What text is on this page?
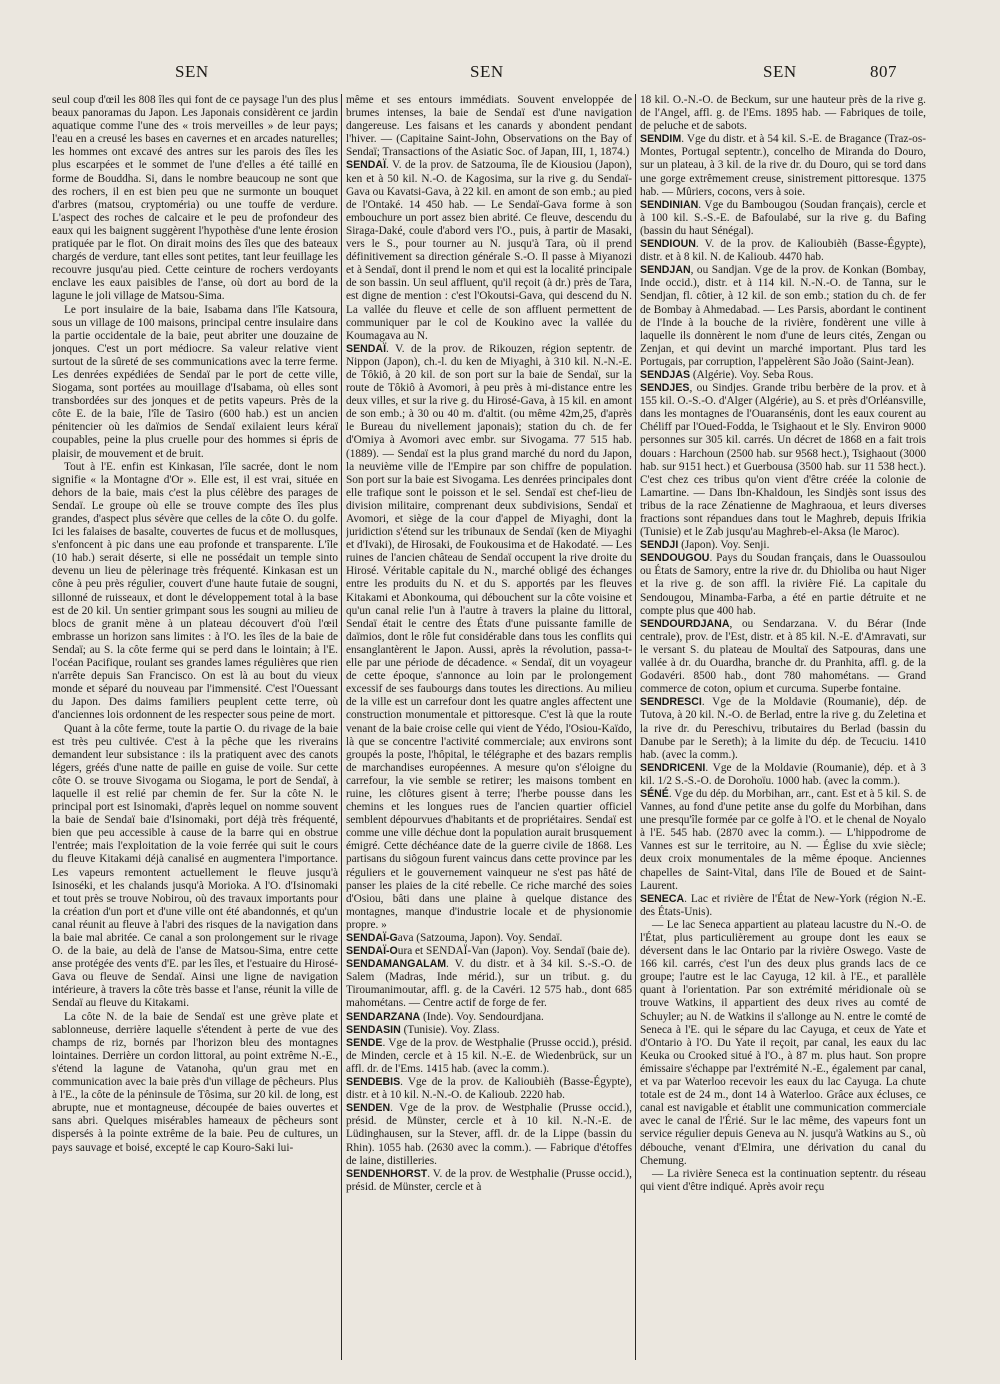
SEN	SEN	SEN	807

seul coup d'œil les 808 îles qui font de ce paysage l'un des plus beaux panoramas du Japon. Les Japonais considèrent ce jardin aquatique comme l'une des « trois merveilles » de leur pays; l'eau en a creusé les bases en cavernes et en arcades naturelles; les hommes ont excavé des antres sur les parois des îles les plus escarpées et le sommet de l'une d'elles a été taillé en forme de Bouddha. Si, dans le nombre beaucoup ne sont que des rochers, il en est bien peu que ne surmonte un bouquet d'arbres (matsou, cryptoméria) ou une touffe de verdure. L'aspect des roches de calcaire et le peu de profondeur des eaux qui les baignent suggèrent l'hypothèse d'une lente érosion pratiquée par le flot. On dirait moins des îles que des bateaux chargés de verdure, tant elles sont petites, tant leur feuillage les recouvre jusqu'au pied. Cette ceinture de rochers verdoyants enclave les eaux paisibles de l'anse, où dort au bord de la lagune le joli village de Matsou-Sima.

Le port insulaire de la baie, Isabama dans l'île Katsoura, sous un village de 100 maisons, principal centre insulaire dans la partie occidentale de la baie, peut abriter une douzaine de jonques. C'est un port médiocre. Sa valeur relative vient surtout de la sûreté de ses communications avec la terre ferme. Les denrées expédiées de Sendaï par le port de cette ville, Siogama, sont portées au mouillage d'Isabama, où elles sont transbordées sur des jonques et de petits vapeurs. Près de la côte E. de la baie, l'île de Tasiro (600 hab.) est un ancien pénitencier où les daïmios de Sendaï exilaient leurs kéraï coupables, peine la plus cruelle pour des hommes si épris de plaisir, de mouvement et de bruit.

Tout à l'E. enfin est Kinkasan, l'île sacrée, dont le nom signifie « la Montagne d'Or ». Elle est, il est vrai, située en dehors de la baie, mais c'est la plus célèbre des parages de Sendaï. Le groupe où elle se trouve compte des îles plus grandes, d'aspect plus sévère que celles de la côte O. du golfe. Ici les falaises de basalte, couvertes de fucus et de mollusques, s'enfoncent à pic dans une eau profonde et transparente. L'île (10 hab.) serait déserte, si elle ne possédait un temple sinto devenu un lieu de pèlerinage très fréquenté. Kinkasan est un cône à peu près régulier, couvert d'une haute futaie de sougni, sillonné de ruisseaux, et dont le développement total à la base est de 20 kil. Un sentier grimpant sous les sougni au milieu de blocs de granit mène à un plateau découvert d'où l'œil embrasse un horizon sans limites : à l'O. les îles de la baie de Sendaï; au S. la côte ferme qui se perd dans le lointain; à l'E. l'océan Pacifique, roulant ses grandes lames régulières que rien n'arrête depuis San Francisco. On est là au bout du vieux monde et séparé du nouveau par l'immensité. C'est l'Ouessant du Japon. Des daims familiers peuplent cette terre, où d'anciennes lois ordonnent de les respecter sous peine de mort.

Quant à la côte ferme, toute la partie O. du rivage de la baie est très peu cultivée. C'est à la pêche que les riverains demandent leur subsistance : ils la pratiquent avec des canots légers, gréés d'une natte de paille en guise de voile. Sur cette côte O. se trouve Sivogama ou Siogama, le port de Sendaï, à laquelle il est relié par chemin de fer. Sur la côte N. le principal port est Isinomaki, d'après lequel on nomme souvent la baie de Sendaï baie d'Isinomaki, port déjà très fréquenté, bien que peu accessible à cause de la barre qui en obstrue l'entrée; mais l'exploitation de la voie ferrée qui suit le cours du fleuve Kitakami déjà canalisé en augmentera l'importance. Les vapeurs remontent actuellement le fleuve jusqu'à Isinoséki, et les chalands jusqu'à Morioka. A l'O. d'Isinomaki et tout près se trouve Nobirou, où des travaux importants pour la création d'un port et d'une ville ont été abandonnés, et qu'un canal réunit au fleuve à l'abri des risques de la navigation dans la baie mal abritée. Ce canal a son prolongement sur le rivage O. de la baie, au delà de l'anse de Matsou-Sima, entre cette anse protégée des vents d'E. par les îles, et l'estuaire du Hirosé-Gava ou fleuve de Sendaï. Ainsi une ligne de navigation intérieure, à travers la côte très basse et l'anse, réunit la ville de Sendaï au fleuve du Kitakami.

La côte N. de la baie de Sendaï est une grève plate et sablonneuse, derrière laquelle s'étendent à perte de vue des champs de riz, bornés par l'horizon bleu des montagnes lointaines. Derrière un cordon littoral, au point extrême N.-E., s'étend la lagune de Vatanoha, qu'un grau met en communication avec la baie près d'un village de pêcheurs. Plus à l'E., la côte de la péninsule de Tôsima, sur 20 kil. de long, est abrupte, nue et montagneuse, découpée de baies ouvertes et sans abri. Quelques misérables hameaux de pêcheurs sont dispersés à la pointe extrême de la baie. Peu de cultures, un pays sauvage et boisé, excepté le cap Kouro-Saki lui-

même et ses entours immédiats. Souvent enveloppée de brumes intenses, la baie de Sendaï est d'une navigation dangereuse. Les faisans et les canards y abondent pendant l'hiver. — (Capitaine Saint-John, Observations on the Bay of Sendaï; Transactions of the Asiatic Soc. of Japan, III, 1, 1874.)

SENDAÏ. V. de la prov. de Satzouma, île de Kiousiou (Japon), ken et à 50 kil. N.-O. de Kagosima, sur la rive g. du Sendaï-Gava ou Kavatsi-Gava, à 22 kil. en amont de son emb.; au pied de l'Ontaké. 14 450 hab. — Le Sendaï-Gava forme à son embouchure un port assez bien abrité. Ce fleuve, descendu du Siraga-Daké, coule d'abord vers l'O., puis, à partir de Masaki, vers le S., pour tourner au N. jusqu'à Tara, où il prend définitivement sa direction générale S.-O. Il passe à Miyanozi et à Sendaï, dont il prend le nom et qui est la localité principale de son bassin. Un seul affluent, qu'il reçoit (à dr.) près de Tara, est digne de mention : c'est l'Okoutsi-Gava, qui descend du N. La vallée du fleuve et celle de son affluent permettent de communiquer par le col de Koukino avec la vallée du Koumagava au N.

SENDAÏ. V. de la prov. de Rikouzen, région septentr. de Nippon (Japon), ch.-l. du ken de Miyaghi, à 310 kil. N.-N.-E. de Tôkiô, à 20 kil. de son port sur la baie de Sendaï, sur la route de Tôkiô à Avomori, à peu près à mi-distance entre les deux villes, et sur la rive g. du Hirosé-Gava, à 15 kil. en amont de son emb.; à 30 ou 40 m. d'altit. (ou même 42m,25, d'après le Bureau du nivellement japonais); station du ch. de fer d'Omiya à Avomori avec embr. sur Sivogama. 77 515 hab. (1889). — Sendaï est la plus grand marché du nord du Japon, la neuvième ville de l'Empire par son chiffre de population. Son port sur la baie est Sivogama. Les denrées principales dont elle trafique sont le poisson et le sel. Sendaï est chef-lieu de division militaire, comprenant deux subdivisions, Sendaï et Avomori, et siège de la cour d'appel de Miyaghi, dont la juridiction s'étend sur les tribunaux de Sendaï (ken de Miyaghi et d'Ivaki), de Hirosaki, de Foukousima et de Hakodaté. — Les ruines de l'ancien château de Sendaï occupent la rive droite du Hirosé. Véritable capitale du N., marché obligé des échanges entre les produits du N. et du S. apportés par les fleuves Kitakami et Abonkouma, qui débouchent sur la côte voisine et qu'un canal relie l'un à l'autre à travers la plaine du littoral, Sendaï était le centre des États d'une puissante famille de daïmios, dont le rôle fut considérable dans tous les conflits qui ensanglantèrent le Japon. Aussi, après la révolution, passa-t-elle par une période de décadence. « Sendaï, dit un voyageur de cette époque, s'annonce au loin par le prolongement excessif de ses faubourgs dans toutes les directions. Au milieu de la ville est un carrefour dont les quatre angles affectent une construction monumentale et pittoresque. C'est là que la route venant de la baie croise celle qui vient de Yédo, l'Osiou-Kaïdo, là que se concentre l'activité commerciale; aux environs sont groupés la poste, l'hôpital, le télégraphe et des bazars remplis de marchandises européennes. A mesure qu'on s'éloigne du carrefour, la vie semble se retirer; les maisons tombent en ruine, les clôtures gisent à terre; l'herbe pousse dans les chemins et les longues rues de l'ancien quartier officiel semblent dépourvues d'habitants et de propriétaires. Sendaï est comme une ville déchue dont la population aurait brusquement émigré. Cette déchéance date de la guerre civile de 1868. Les partisans du siôgoun furent vaincus dans cette province par les réguliers et le gouvernement vainqueur ne s'est pas hâté de panser les plaies de la cité rebelle. Ce riche marché des soies d'Osiou, bâti dans une plaine à quelque distance des montagnes, manque d'industrie locale et de physionomie propre. »

SENDAÏ-Gava (Satzouma, Japon). Voy. Sendaï.

SENDAÏ-Oura et SENDAÏ-Van (Japon). Voy. Sendaï (baie de).

SENDAMANGALAM. V. du distr. et à 34 kil. S.-S.-O. de Salem (Madras, Inde mérid.), sur un tribut. g. du Tiroumanimoutar, affl. g. de la Cavéri. 12 575 hab., dont 685 mahométans. — Centre actif de forge de fer.

SENDARZANA (Inde). Voy. Sendourdjana.

SENDASIN (Tunisie). Voy. Zlass.

SENDE. Vge de la prov. de Westphalie (Prusse occid.), présid. de Minden, cercle et à 15 kil. N.-E. de Wiedenbrück, sur un affl. dr. de l'Ems. 1415 hab. (avec la comm.).

SENDEBIS. Vge de la prov. de Kalioubièh (Basse-Égypte), distr. et à 10 kil. N.-N.-O. de Kalioub. 2220 hab.

SENDEN. Vge de la prov. de Westphalie (Prusse occid.), présid. de Münster, cercle et à 10 kil. N.-N.-E. de Lüdinghausen, sur la Stever, affl. dr. de la Lippe (bassin du Rhin). 1055 hab. (2630 avec la comm.). — Fabrique d'étoffes de laine, distilleries.

SENDENHORST. V. de la prov. de Westphalie (Prusse occid.), présid. de Münster, cercle et à

18 kil. O.-N.-O. de Beckum, sur une hauteur près de la rive g. de l'Angel, affl. g. de l'Ems. 1895 hab. — Fabriques de toile, de peluche et de sabots.

SENDIM. Vge du distr. et à 54 kil. S.-E. de Bragance (Traz-os-Montes, Portugal septentr.), concelho de Miranda do Douro, sur un plateau, à 3 kil. de la rive dr. du Douro, qui se tord dans une gorge extrêmement creuse, sinistrement pittoresque. 1375 hab. — Mûriers, cocons, vers à soie.

SENDINIAN. Vge du Bambougou (Soudan français), cercle et à 100 kil. S.-S.-E. de Bafoulabé, sur la rive g. du Bafing (bassin du haut Sénégal).

SENDIOUN. V. de la prov. de Kalioubièh (Basse-Égypte), distr. et à 8 kil. N. de Kalioub. 4470 hab.

SENDJAN, ou Sandjan. Vge de la prov. de Konkan (Bombay, Inde occid.), distr. et à 114 kil. N.-N.-O. de Tanna, sur le Sendjan, fl. côtier, à 12 kil. de son emb.; station du ch. de fer de Bombay à Ahmedabad. — Les Parsis, abordant le continent de l'Inde à la bouche de la rivière, fondèrent une ville à laquelle ils donnèrent le nom d'une de leurs cités, Zengan ou Zenjan, et qui devint un marché important. Plus tard les Portugais, par corruption, l'appelèrent São João (Saint-Jean).

SENDJAS (Algérie). Voy. Seba Rous.

SENDJES, ou Sindjes. Grande tribu berbère de la prov. et à 155 kil. O.-S.-O. d'Alger (Algérie), au S. et près d'Orléansville, dans les montagnes de l'Ouaransénis, dont les eaux courent au Chéliff par l'Oued-Fodda, le Tsighaout et le Sly. Environ 9000 personnes sur 305 kil. carrés. Un décret de 1868 en a fait trois douars : Harchoun (2500 hab. sur 9568 hect.), Tsighaout (3000 hab. sur 9151 hect.) et Guerbousa (3500 hab. sur 11 538 hect.). C'est chez ces tribus qu'on vient d'être créée la colonie de Lamartine. — Dans Ibn-Khaldoun, les Sindjès sont issus des tribus de la race Zénatienne de Maghraoua, et leurs diverses fractions sont répandues dans tout le Maghreb, depuis Ifrikia (Tunisie) et le Zab jusqu'au Maghreb-el-Aksa (le Maroc).

SENDJI (Japon). Voy. Senji.

SENDOUGOU. Pays du Soudan français, dans le Ouassoulou ou États de Samory, entre la rive dr. du Dhioliba ou haut Niger et la rive g. de son affl. la rivière Fié. La capitale du Sendougou, Minamba-Farba, a été en partie détruite et ne compte plus que 400 hab.

SENDOURDJANA, ou Sendarzana. V. du Bérar (Inde centrale), prov. de l'Est, distr. et à 85 kil. N.-E. d'Amravati, sur le versant S. du plateau de Moultaï des Satpouras, dans une vallée à dr. du Ouardha, branche dr. du Pranhita, affl. g. de la Godavéri. 8500 hab., dont 780 mahométans. — Grand commerce de coton, opium et curcuma. Superbe fontaine.

SENDRESCI. Vge de la Moldavie (Roumanie), dép. de Tutova, à 20 kil. N.-O. de Berlad, entre la rive g. du Zeletina et la rive dr. du Pereschivu, tributaires du Berlad (bassin du Danube par le Sereth); à la limite du dép. de Tecuciu. 1410 hab. (avec la comm.).

SENDRICENI. Vge de la Moldavie (Roumanie), dép. et à 3 kil. 1/2 S.-S.-O. de Dorohoïu. 1000 hab. (avec la comm.).

SÉNÉ. Vge du dép. du Morbihan, arr., cant. Est et à 5 kil. S. de Vannes, au fond d'une petite anse du golfe du Morbihan, dans une presqu'île formée par ce golfe à l'O. et le chenal de Noyalo à l'E. 545 hab. (2870 avec la comm.). — L'hippodrome de Vannes est sur le territoire, au N. — Église du xvie siècle; deux croix monumentales de la même époque. Anciennes chapelles de Saint-Vital, dans l'île de Boued et de Saint-Laurent.

SENECA. Lac et rivière de l'État de New-York (région N.-E. des États-Unis).

— Le lac Seneca appartient au plateau lacustre du N.-O. de l'État, plus particulièrement au groupe dont les eaux se déversent dans le lac Ontario par la rivière Oswego. Vaste de 166 kil. carrés, c'est l'un des deux plus grands lacs de ce groupe; l'autre est le lac Cayuga, 12 kil. à l'E., et parallèle quant à l'orientation. Par son extrémité méridionale où se trouve Watkins, il appartient des deux rives au comté de Schuyler; au N. de Watkins il s'allonge au N. entre le comté de Seneca à l'E. qui le sépare du lac Cayuga, et ceux de Yate et d'Ontario à l'O. Du Yate il reçoit, par canal, les eaux du lac Keuka ou Crooked situé à l'O., à 87 m. plus haut. Son propre émissaire s'échappe par l'extrémité N.-E., également par canal, et va par Waterloo recevoir les eaux du lac Cayuga. La chute totale est de 24 m., dont 14 à Waterloo. Grâce aux écluses, ce canal est navigable et établit une communication commerciale avec le canal de l'Érié. Sur le lac même, des vapeurs font un service régulier depuis Geneva au N. jusqu'à Watkins au S., où débouche, venant d'Elmira, une dérivation du canal du Chemung.

— La rivière Seneca est la continuation septentr. du réseau qui vient d'être indiqué. Après avoir reçu
